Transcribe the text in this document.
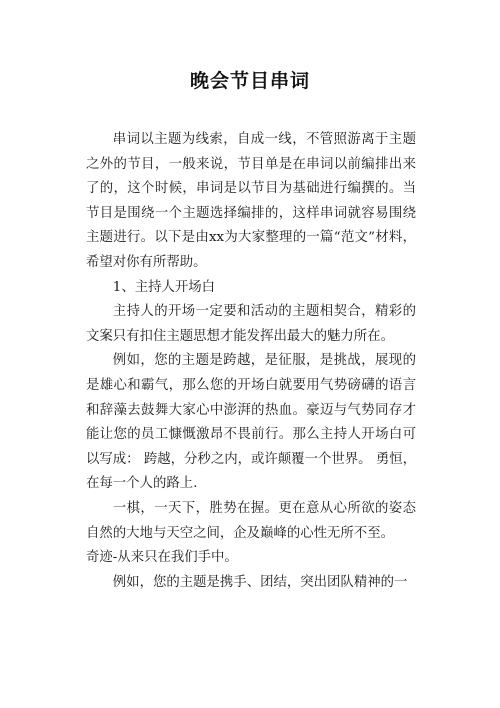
晚会节目串词

串词以主题为线索，自成一线，不管照游离于主题之外的节目，一般来说，节目单是在串词以前编排出来了的，这个时候，串词是以节目为基础进行编撰的。当节目是围绕一个主题选择编排的，这样串词就容易围绕主题进行。以下是由xx为大家整理的一篇“范文”材料，希望对你有所帮助。

1、主持人开场白

主持人的开场一定要和活动的主题相契合，精彩的文案只有扣住主题思想才能发挥出最大的魅力所在。

例如，您的主题是跨越，是征服，是挑战，展现的是雄心和霸气，那么您的开场白就要用气势磅礴的语言和辞藻去鼓舞大家心中澎湃的热血。豪迈与气势同存才能让您的员工慷慨激昂不畏前行。那么主持人开场白可以写成： 跨越，分秒之内，或许颠覆一个世界。 勇恒，在每一个人的路上.

一棋，一天下，胜势在握。更在意从心所欲的姿态自然的大地与天空之间，企及巅峰的心性无所不至。

奇迹-从来只在我们手中。

例如，您的主题是携手、团结，突出团队精神的一
